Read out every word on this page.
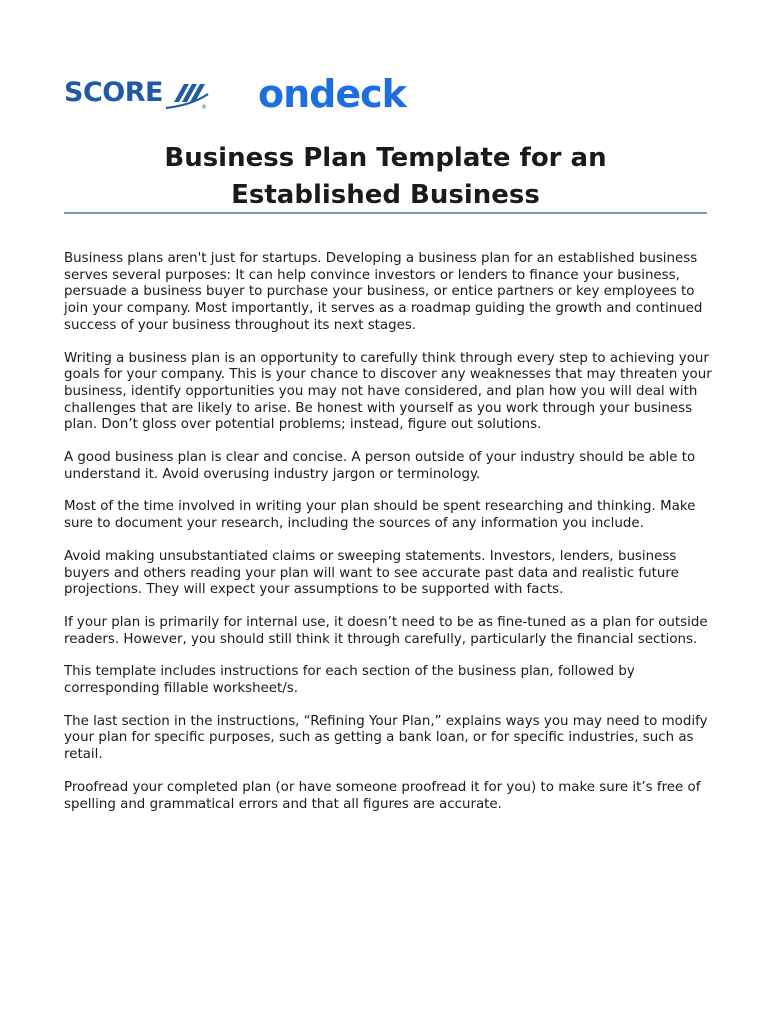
SCORE	® ondeck
Business Plan Template for an
Established Business

Business plans aren't just for startups. Developing a business plan for an established business serves several purposes: It can help convince investors or lenders to finance your business, persuade a business buyer to purchase your business, or entice partners or key employees to join your company. Most importantly, it serves as a roadmap guiding the growth and continued success of your business throughout its next stages.

Writing a business plan is an opportunity to carefully think through every step to achieving your goals for your company. This is your chance to discover any weaknesses that may threaten your business, identify opportunities you may not have considered, and plan how you will deal with challenges that are likely to arise. Be honest with yourself as you work through your business plan. Don’t gloss over potential problems; instead, figure out solutions.

A good business plan is clear and concise. A person outside of your industry should be able to understand it. Avoid overusing industry jargon or terminology.

Most of the time involved in writing your plan should be spent researching and thinking. Make sure to document your research, including the sources of any information you include.

Avoid making unsubstantiated claims or sweeping statements. Investors, lenders, business buyers and others reading your plan will want to see accurate past data and realistic future projections. They will expect your assumptions to be supported with facts.

If your plan is primarily for internal use, it doesn’t need to be as fine-tuned as a plan for outside readers. However, you should still think it through carefully, particularly the financial sections.

This template includes instructions for each section of the business plan, followed by corresponding fillable worksheet/s.

The last section in the instructions, “Refining Your Plan,” explains ways you may need to modify your plan for specific purposes, such as getting a bank loan, or for specific industries, such as retail.

Proofread your completed plan (or have someone proofread it for you) to make sure it’s free of spelling and grammatical errors and that all figures are accurate.
